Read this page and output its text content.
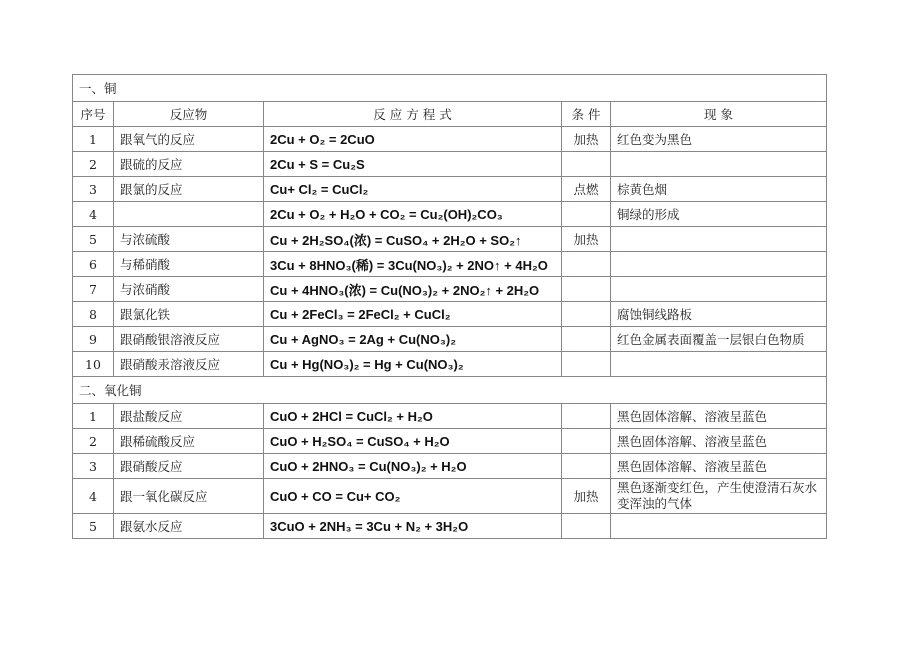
一、铜				
序号	反应物	反 应 方 程 式	条 件	现 象
1	跟氧气的反应	2Cu + O₂ = 2CuO	加热	红色变为黑色
2	跟硫的反应	2Cu + S = Cu₂S		
3	跟氯的反应	Cu+ Cl₂ = CuCl₂	点燃	棕黄色烟
4		2Cu + O₂ + H₂O + CO₂ = Cu₂(OH)₂CO₃		铜绿的形成
5	与浓硫酸	Cu + 2H₂SO₄(浓) = CuSO₄ + 2H₂O + SO₂↑	加热	
6	与稀硝酸	3Cu + 8HNO₃(稀) = 3Cu(NO₃)₂ + 2NO↑ + 4H₂O		
7	与浓硝酸	Cu + 4HNO₃(浓) = Cu(NO₃)₂ + 2NO₂↑ + 2H₂O		
8	跟氯化铁	Cu + 2FeCl₃ = 2FeCl₂ + CuCl₂		腐蚀铜线路板
9	跟硝酸银溶液反应	Cu + AgNO₃ = 2Ag + Cu(NO₃)₂		红色金属表面覆盖一层银白色物质
10	跟硝酸汞溶液反应	Cu + Hg(NO₃)₂ = Hg + Cu(NO₃)₂		
二、氧化铜				
1	跟盐酸反应	CuO + 2HCl = CuCl₂ + H₂O		黑色固体溶解、溶液呈蓝色
2	跟稀硫酸反应	CuO + H₂SO₄ = CuSO₄ + H₂O		黑色固体溶解、溶液呈蓝色
3	跟硝酸反应	CuO + 2HNO₃ = Cu(NO₃)₂ + H₂O		黑色固体溶解、溶液呈蓝色
4	跟一氧化碳反应	CuO + CO = Cu+ CO₂	加热	黑色逐渐变红色，产生使澄清石灰水变浑浊的气体
5	跟氨水反应	3CuO + 2NH₃ = 3Cu + N₂ + 3H₂O		
